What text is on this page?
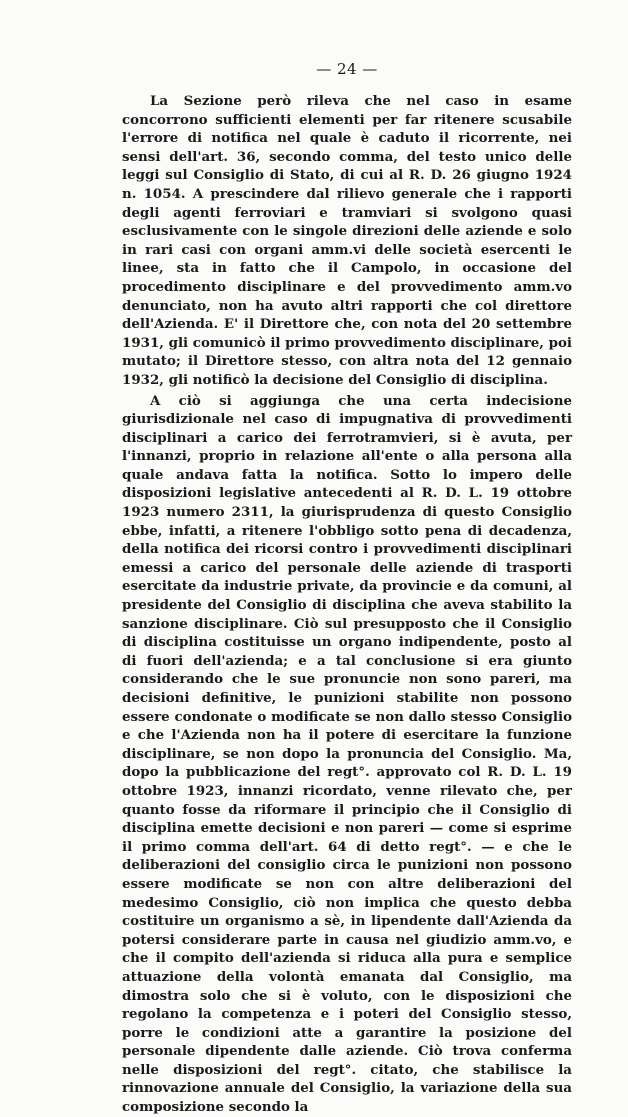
— 24 —

La Sezione però rileva che nel caso in esame concorrono sufficienti elementi per far ritenere scusabile l'errore di notifica nel quale è caduto il ricorrente, nei sensi dell'art. 36, secondo comma, del testo unico delle leggi sul Consiglio di Stato, di cui al R. D. 26 giugno 1924 n. 1054. A prescindere dal rilievo generale che i rapporti degli agenti ferroviari e tramviari si svolgono quasi esclusivamente con le singole direzioni delle aziende e solo in rari casi con organi amm.vi delle società esercenti le linee, sta in fatto che il Campolo, in occasione del procedimento disciplinare e del provvedimento amm.vo denunciato, non ha avuto altri rapporti che col direttore dell'Azienda. E' il Direttore che, con nota del 20 settembre 1931, gli comunicò il primo provvedimento disciplinare, poi mutato; il Direttore stesso, con altra nota del 12 gennaio 1932, gli notificò la decisione del Consiglio di disciplina.

A ciò si aggiunga che una certa indecisione giurisdizionale nel caso di impugnativa di provvedimenti disciplinari a carico dei ferrotramvieri, si è avuta, per l'innanzi, proprio in relazione all'ente o alla persona alla quale andava fatta la notifica. Sotto lo impero delle disposizioni legislative antecedenti al R. D. L. 19 ottobre 1923 numero 2311, la giurisprudenza di questo Consiglio ebbe, infatti, a ritenere l'obbligo sotto pena di decadenza, della notifica dei ricorsi contro i provvedimenti disciplinari emessi a carico del personale delle aziende di trasporti esercitate da industrie private, da provincie e da comuni, al presidente del Consiglio di disciplina che aveva stabilito la sanzione disciplinare. Ciò sul presupposto che il Consiglio di disciplina costituisse un organo indipendente, posto al di fuori dell'azienda; e a tal conclusione si era giunto considerando che le sue pronuncie non sono pareri, ma decisioni definitive, le punizioni stabilite non possono essere condonate o modificate se non dallo stesso Consiglio e che l'Azienda non ha il potere di esercitare la funzione disciplinare, se non dopo la pronuncia del Consiglio. Ma, dopo la pubblicazione del regt°. approvato col R. D. L. 19 ottobre 1923, innanzi ricordato, venne rilevato che, per quanto fosse da riformare il principio che il Consiglio di disciplina emette decisioni e non pareri — come si esprime il primo comma dell'art. 64 di detto regt°. — e che le deliberazioni del consiglio circa le punizioni non possono essere modificate se non con altre deliberazioni del medesimo Consiglio, ciò non implica che questo debba costituire un organismo a sè, in lipendente dall'Azienda da potersi considerare parte in causa nel giudizio amm.vo, e che il compito dell'azienda si riduca alla pura e semplice attuazione della volontà emanata dal Consiglio, ma dimostra solo che si è voluto, con le disposizioni che regolano la competenza e i poteri del Consiglio stesso, porre le condizioni atte a garantire la posizione del personale dipendente dalle aziende. Ciò trova conferma nelle disposizioni del regt°. citato, che stabilisce la rinnovazione annuale del Consiglio, la variazione della sua composizione secondo la
